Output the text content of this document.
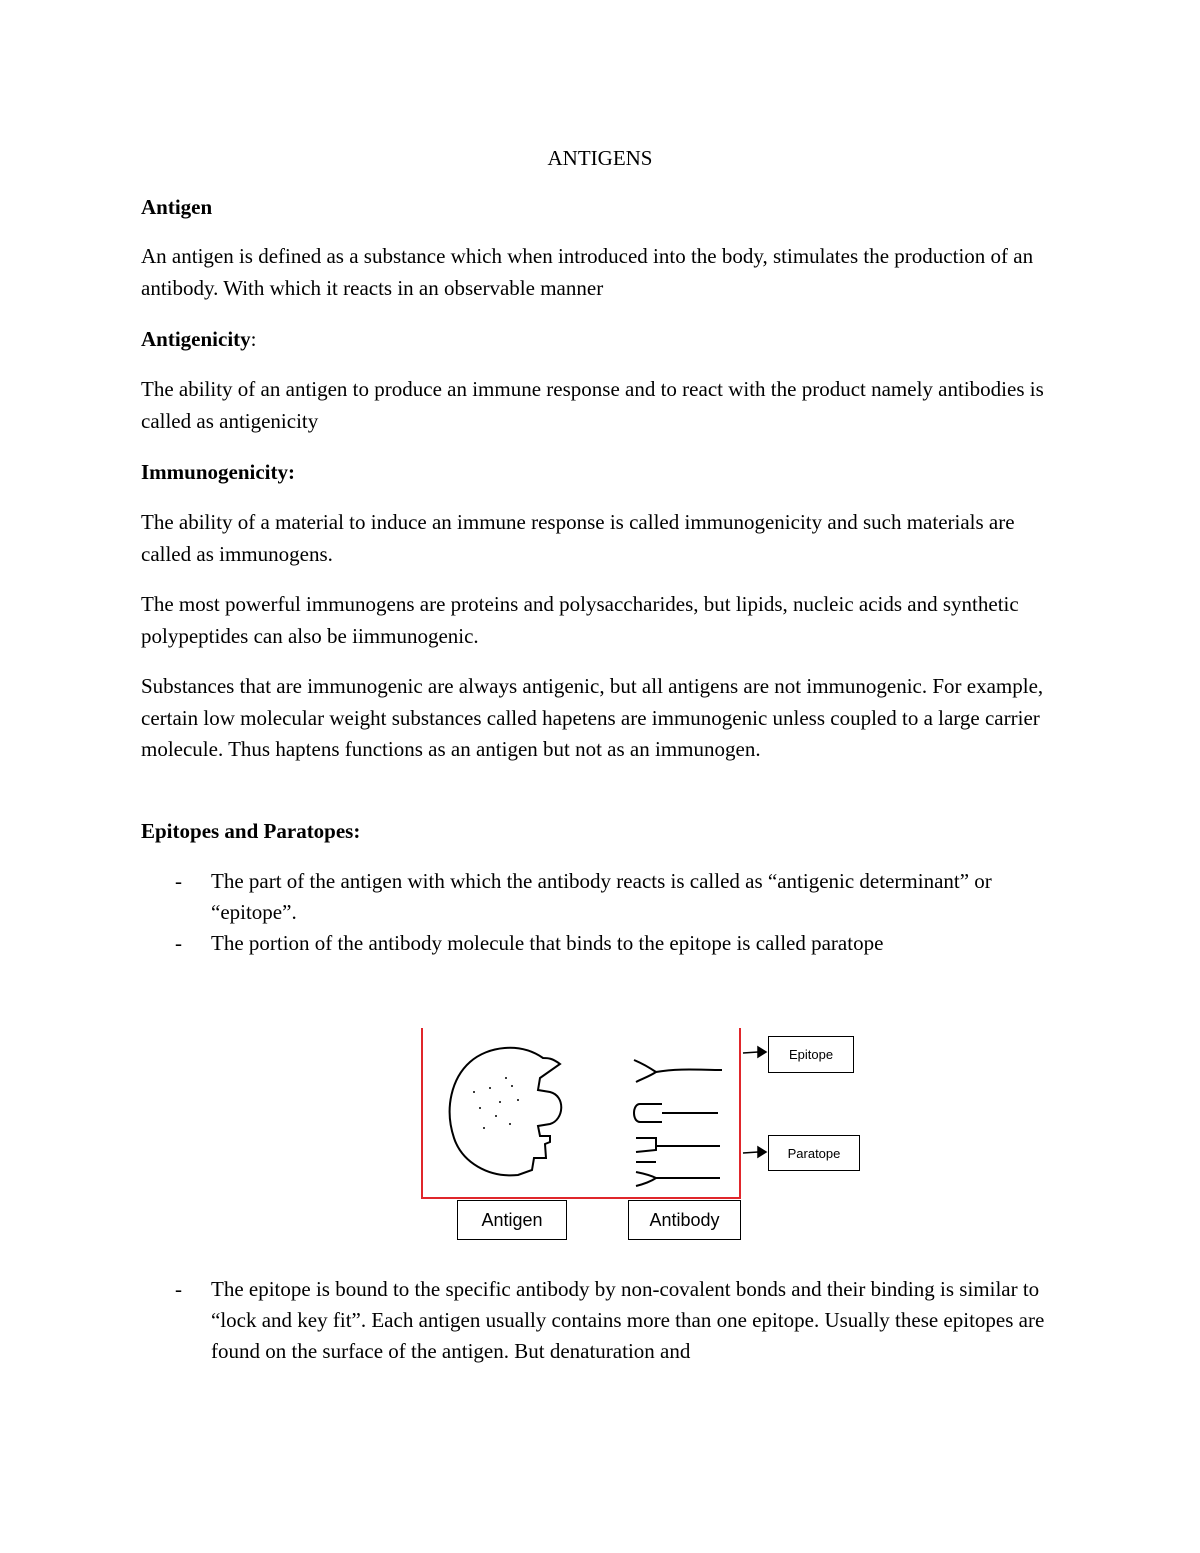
ANTIGENS

Antigen

An antigen is defined as a substance which when introduced into the body, stimulates the production of an antibody. With which it reacts in an observable manner

Antigenicity:

The ability of an antigen to produce an immune response and to react with the product namely antibodies is called as antigenicity

Immunogenicity:

The ability of a material to induce an immune response is called immunogenicity and such materials are called as immunogens.

The most powerful immunogens are proteins and polysaccharides, but lipids, nucleic acids and synthetic polypeptides can also be iimmunogenic.

Substances that are immunogenic are always antigenic, but all antigens are not immunogenic. For example, certain low molecular weight substances called hapetens are immunogenic unless coupled to a large carrier molecule. Thus haptens functions as an antigen but not as an immunogen.

Epitopes and Paratopes:

- The part of the antigen with which the antibody reacts is called as “antigenic determinant” or “epitope”.
- The portion of the antibody molecule that binds to the epitope is called paratope
Epitope
Paratope
Antigen	Antibody
- The epitope is bound to the specific antibody by non-covalent bonds and their binding is similar to “lock and key fit”. Each antigen usually contains more than one epitope. Usually these epitopes are found on the surface of the antigen. But denaturation and
